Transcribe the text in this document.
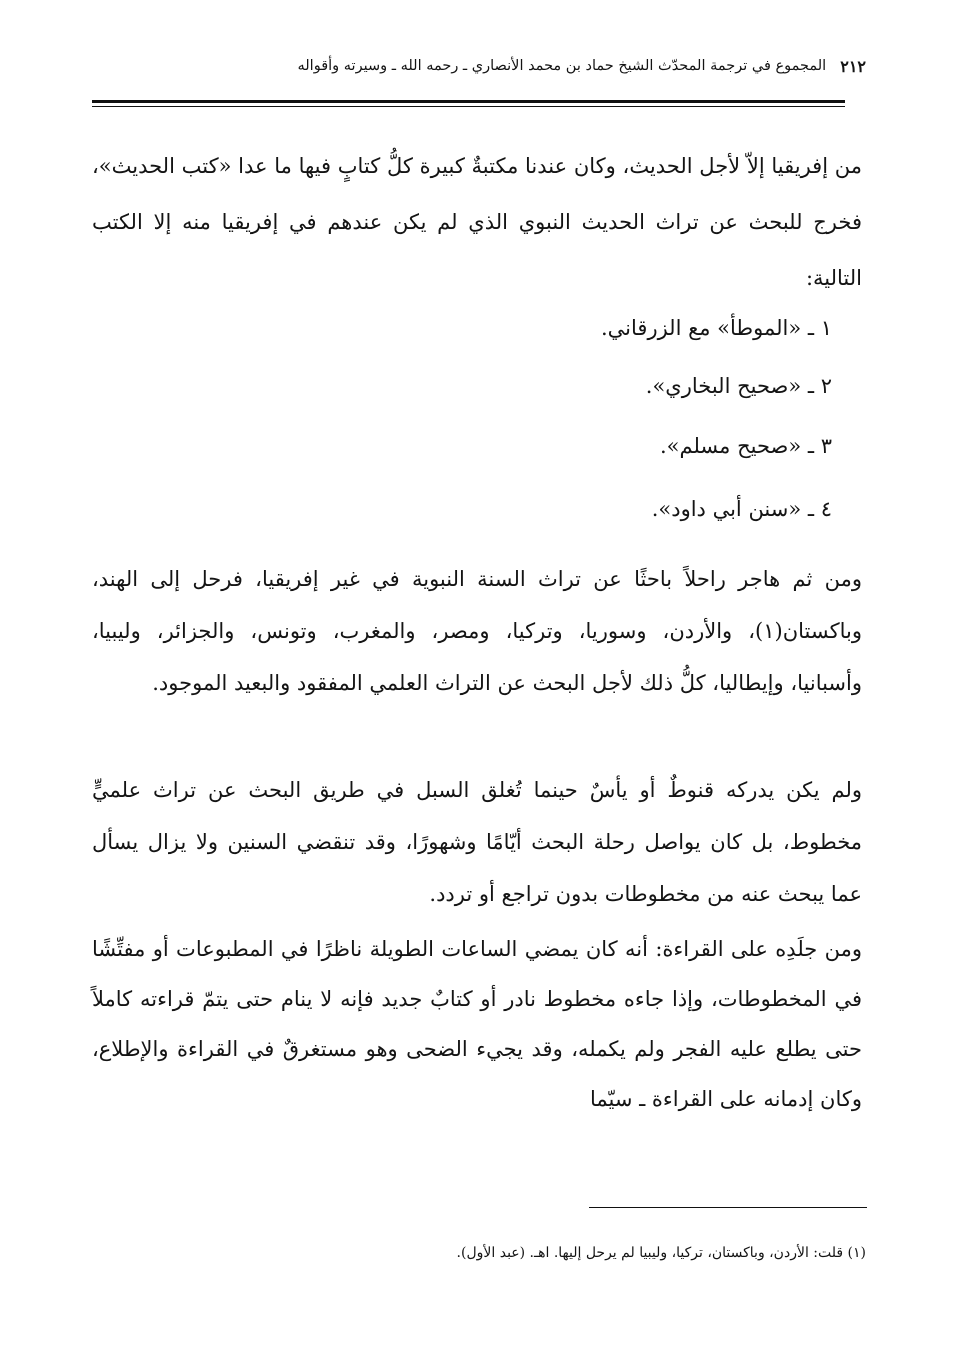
٢١٢
المجموع في ترجمة المحدّث الشيخ حماد بن محمد الأنصاري ـ رحمه الله ـ وسيرته وأقواله

من إفريقيا إلاّ لأجل الحديث، وكان عندنا مكتبةٌ كبيرة كلُّ كتابٍ فيها ما عدا «كتب الحديث»، فخرج للبحث عن تراث الحديث النبوي الذي لم يكن عندهم في إفريقيا منه إلا الكتب التالية:

١ ـ «الموطأ» مع الزرقاني.

٢ ـ «صحيح البخاري».

٣ ـ «صحيح مسلم».

٤ ـ «سنن أبي داود».

ومن ثم هاجر راحلاً باحثًا عن تراث السنة النبوية في غير إفريقيا، فرحل إلى الهند، وباكستان(١)، والأردن، وسوريا، وتركيا، ومصر، والمغرب، وتونس، والجزائر، وليبيا، وأسبانيا، وإيطاليا، كلُّ ذلك لأجل البحث عن التراث العلمي المفقود والبعيد الموجود.

ولم يكن يدركه قنوطٌ أو يأسٌ حينما تُغلق السبل في طريق البحث عن تراث علميٍّ مخطوط، بل كان يواصل رحلة البحث أيّامًا وشهورًا، وقد تنقضي السنين ولا يزال يسأل عما يبحث عنه من مخطوطات بدون تراجع أو تردد.

ومن جلَدِه على القراءة: أنه كان يمضي الساعات الطويلة ناظرًا في المطبوعات أو مفتِّشًا في المخطوطات، وإذا جاءه مخطوط نادر أو كتابٌ جديد فإنه لا ينام حتى يتمّ قراءته كاملاً حتى يطلع عليه الفجر ولم يكمله، وقد يجيء الضحى وهو مستغرقٌ في القراءة والإطلاع، وكان إدمانه على القراءة ـ سيّما

(١) قلت: الأردن، وباكستان، تركيا، وليبيا لم يرحل إليها. اهـ. (عبد الأول).
